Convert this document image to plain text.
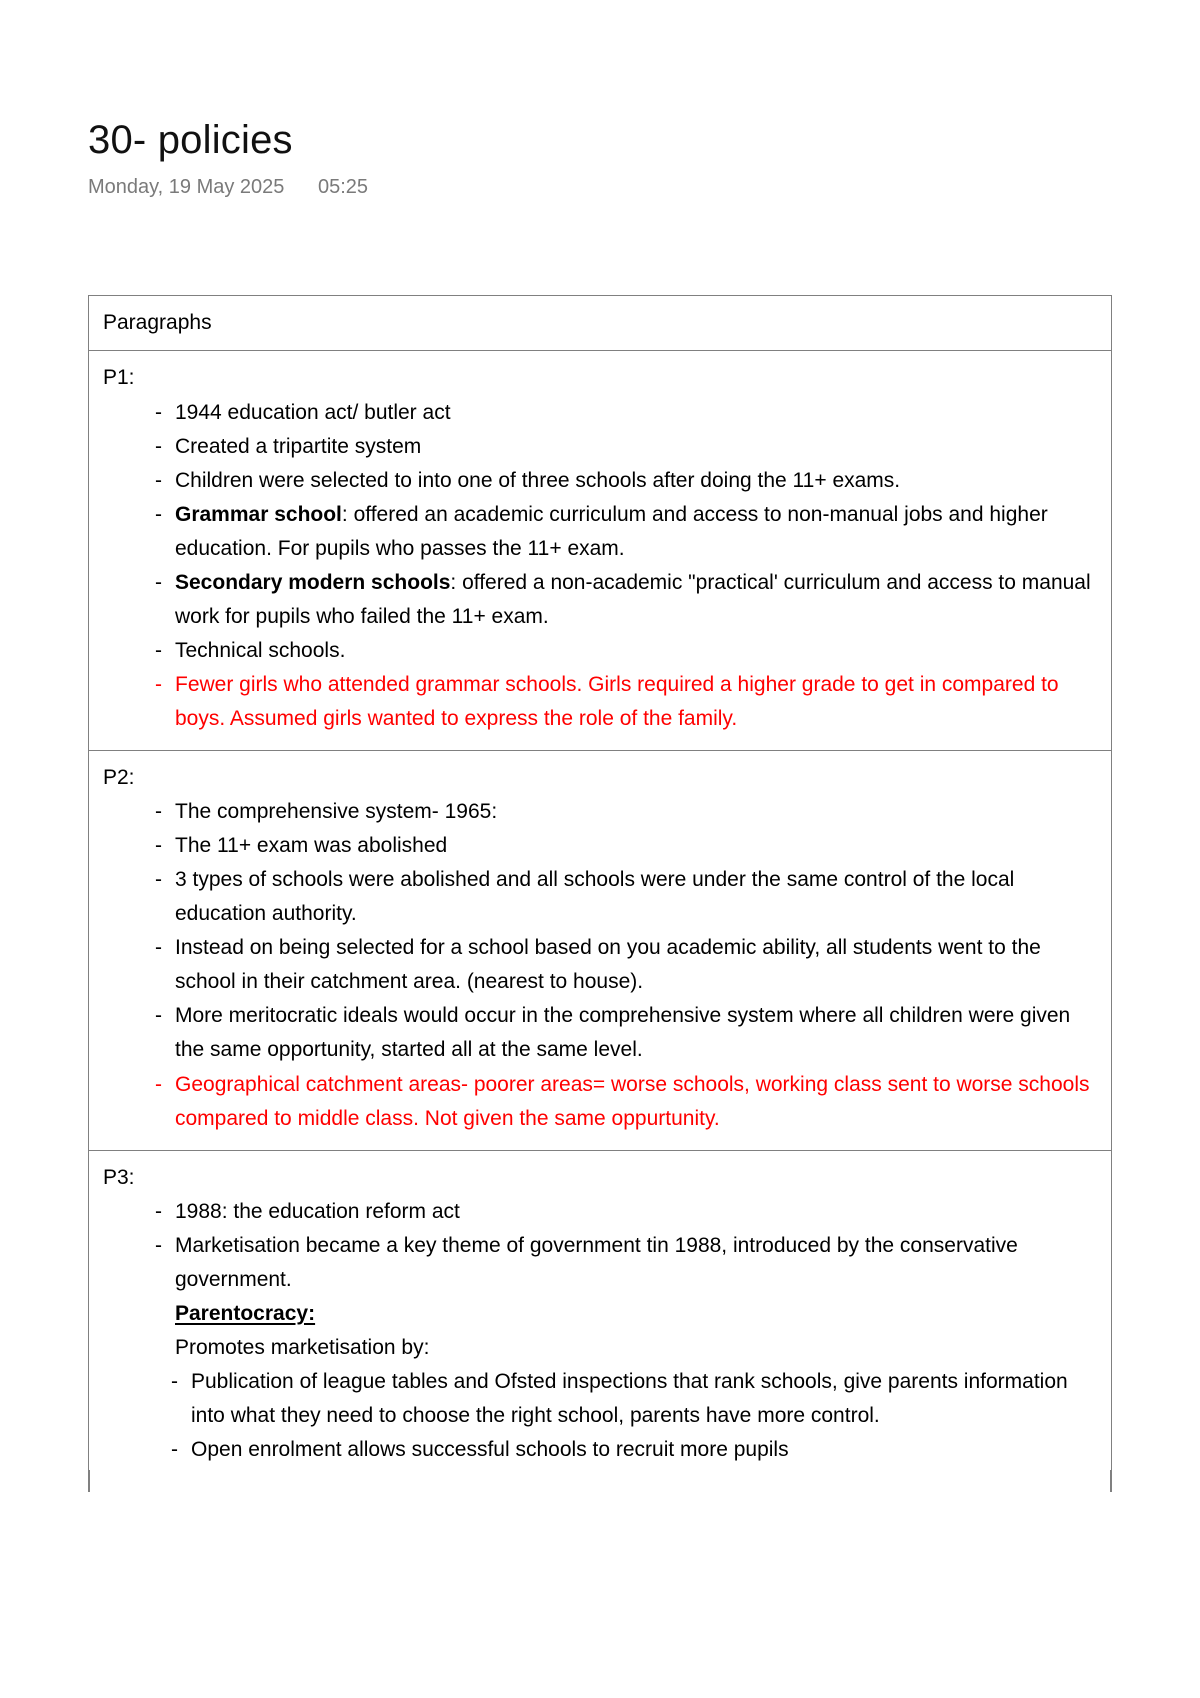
30- policies
Monday, 19 May 2025	05:25
Paragraphs
P1:
- 1944 education act/ butler act
- Created a tripartite system
- Children were selected to into one of three schools after doing the 11+ exams.
- Grammar school: offered an academic curriculum and access to non-manual jobs and higher education. For pupils who passes the 11+ exam.
- Secondary modern schools: offered a non-academic "practical' curriculum and access to manual work for pupils who failed the 11+ exam.
- Technical schools.
- Fewer girls who attended grammar schools. Girls required a higher grade to get in compared to boys. Assumed girls wanted to express the role of the family.
P2:
- The comprehensive system- 1965:
- The 11+ exam was abolished
- 3 types of schools were abolished and all schools were under the same control of the local education authority.
- Instead on being selected for a school based on you academic ability, all students went to the school in their catchment area. (nearest to house).
- More meritocratic ideals would occur in the comprehensive system where all children were given the same opportunity, started all at the same level.
- Geographical catchment areas- poorer areas= worse schools, working class sent to worse schools compared to middle class. Not given the same oppurtunity.
P3:
- 1988: the education reform act
- Marketisation became a key theme of government tin 1988, introduced by the conservative government.
Parentocracy:
Promotes marketisation by:
- Publication of league tables and Ofsted inspections that rank schools, give parents information into what they need to choose the right school, parents have more control.
- Open enrolment allows successful schools to recruit more pupils
